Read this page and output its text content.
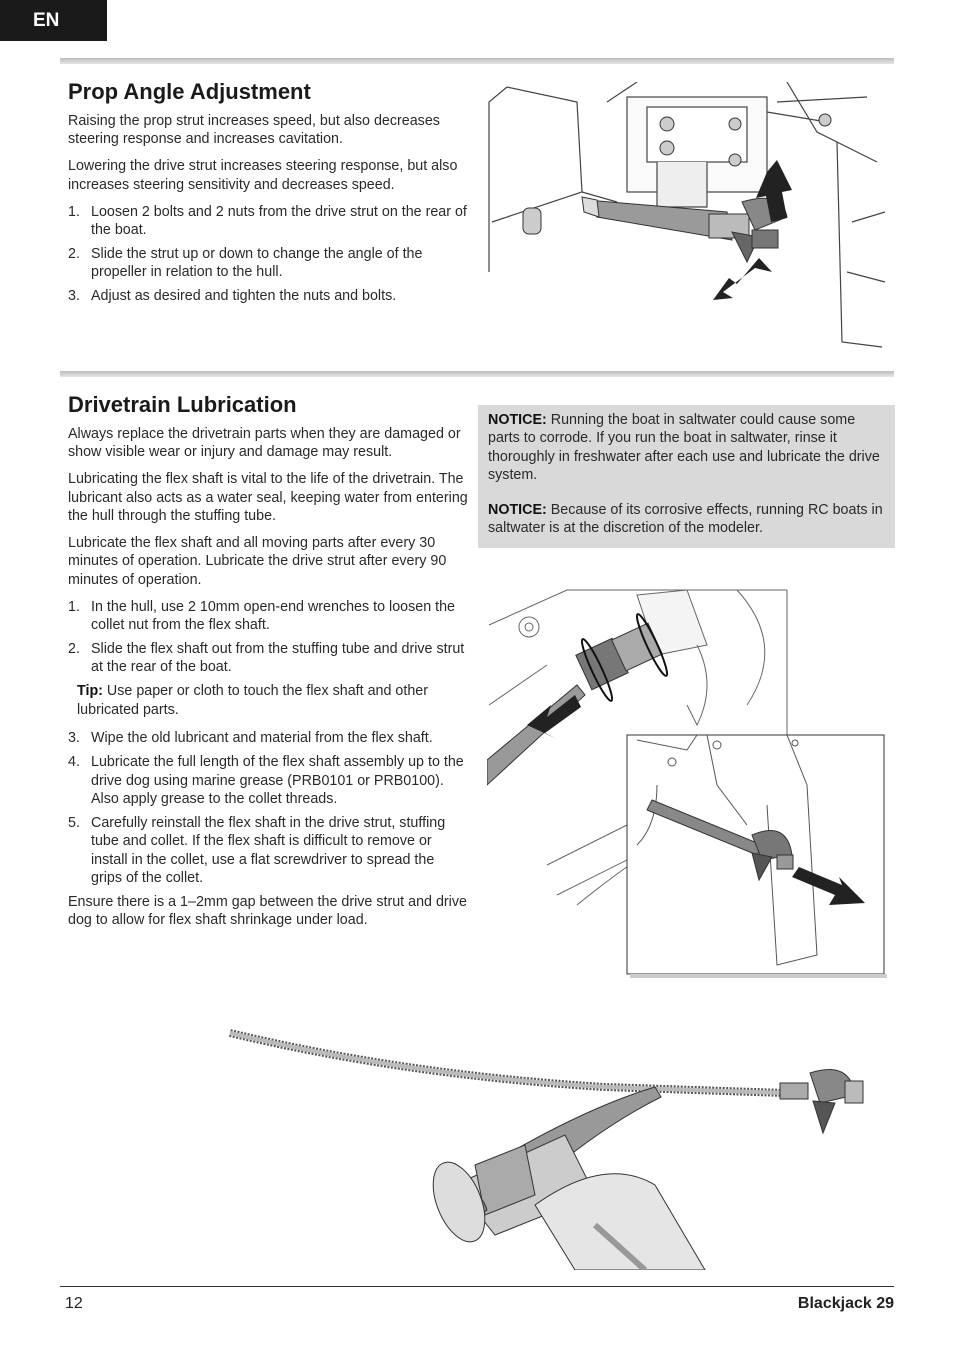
EN
Prop Angle Adjustment

Raising the prop strut increases speed, but also decreases steering response and increases cavitation.

Lowering the drive strut increases steering response, but also increases steering sensitivity and decreases speed.

1. Loosen 2 bolts and 2 nuts from the drive strut on the rear of the boat.
2. Slide the strut up or down to change the angle of the propeller in relation to the hull.
3. Adjust as desired and tighten the nuts and bolts.
Drivetrain Lubrication

Always replace the drivetrain parts when they are damaged or show visible wear or injury and damage may result.

Lubricating the flex shaft is vital to the life of the drivetrain. The lubricant also acts as a water seal, keeping water from entering the hull through the stuffing tube.

Lubricate the flex shaft and all moving parts after every 30 minutes of operation. Lubricate the drive strut after every 90 minutes of operation.

1. In the hull, use 2 10mm open-end wrenches to loosen the collet nut from the flex shaft.
2. Slide the flex shaft out from the stuffing tube and drive strut at the rear of the boat.
Tip: Use paper or cloth to touch the flex shaft and other lubricated parts.
3. Wipe the old lubricant and material from the flex shaft.
4. Lubricate the full length of the flex shaft assembly up to the drive dog using marine grease (PRB0101 or PRB0100). Also apply grease to the collet threads.
5. Carefully reinstall the flex shaft in the drive strut, stuffing tube and collet. If the flex shaft is difficult to remove or install in the collet, use a flat screwdriver to spread the grips of the collet.

Ensure there is a 1–2mm gap between the drive strut and drive dog to allow for flex shaft shrinkage under load.

NOTICE: Running the boat in saltwater could cause some parts to corrode. If you run the boat in saltwater, rinse it thoroughly in freshwater after each use and lubricate the drive system.

NOTICE: Because of its corrosive effects, running RC boats in saltwater is at the discretion of the modeler.

12	Blackjack 29
